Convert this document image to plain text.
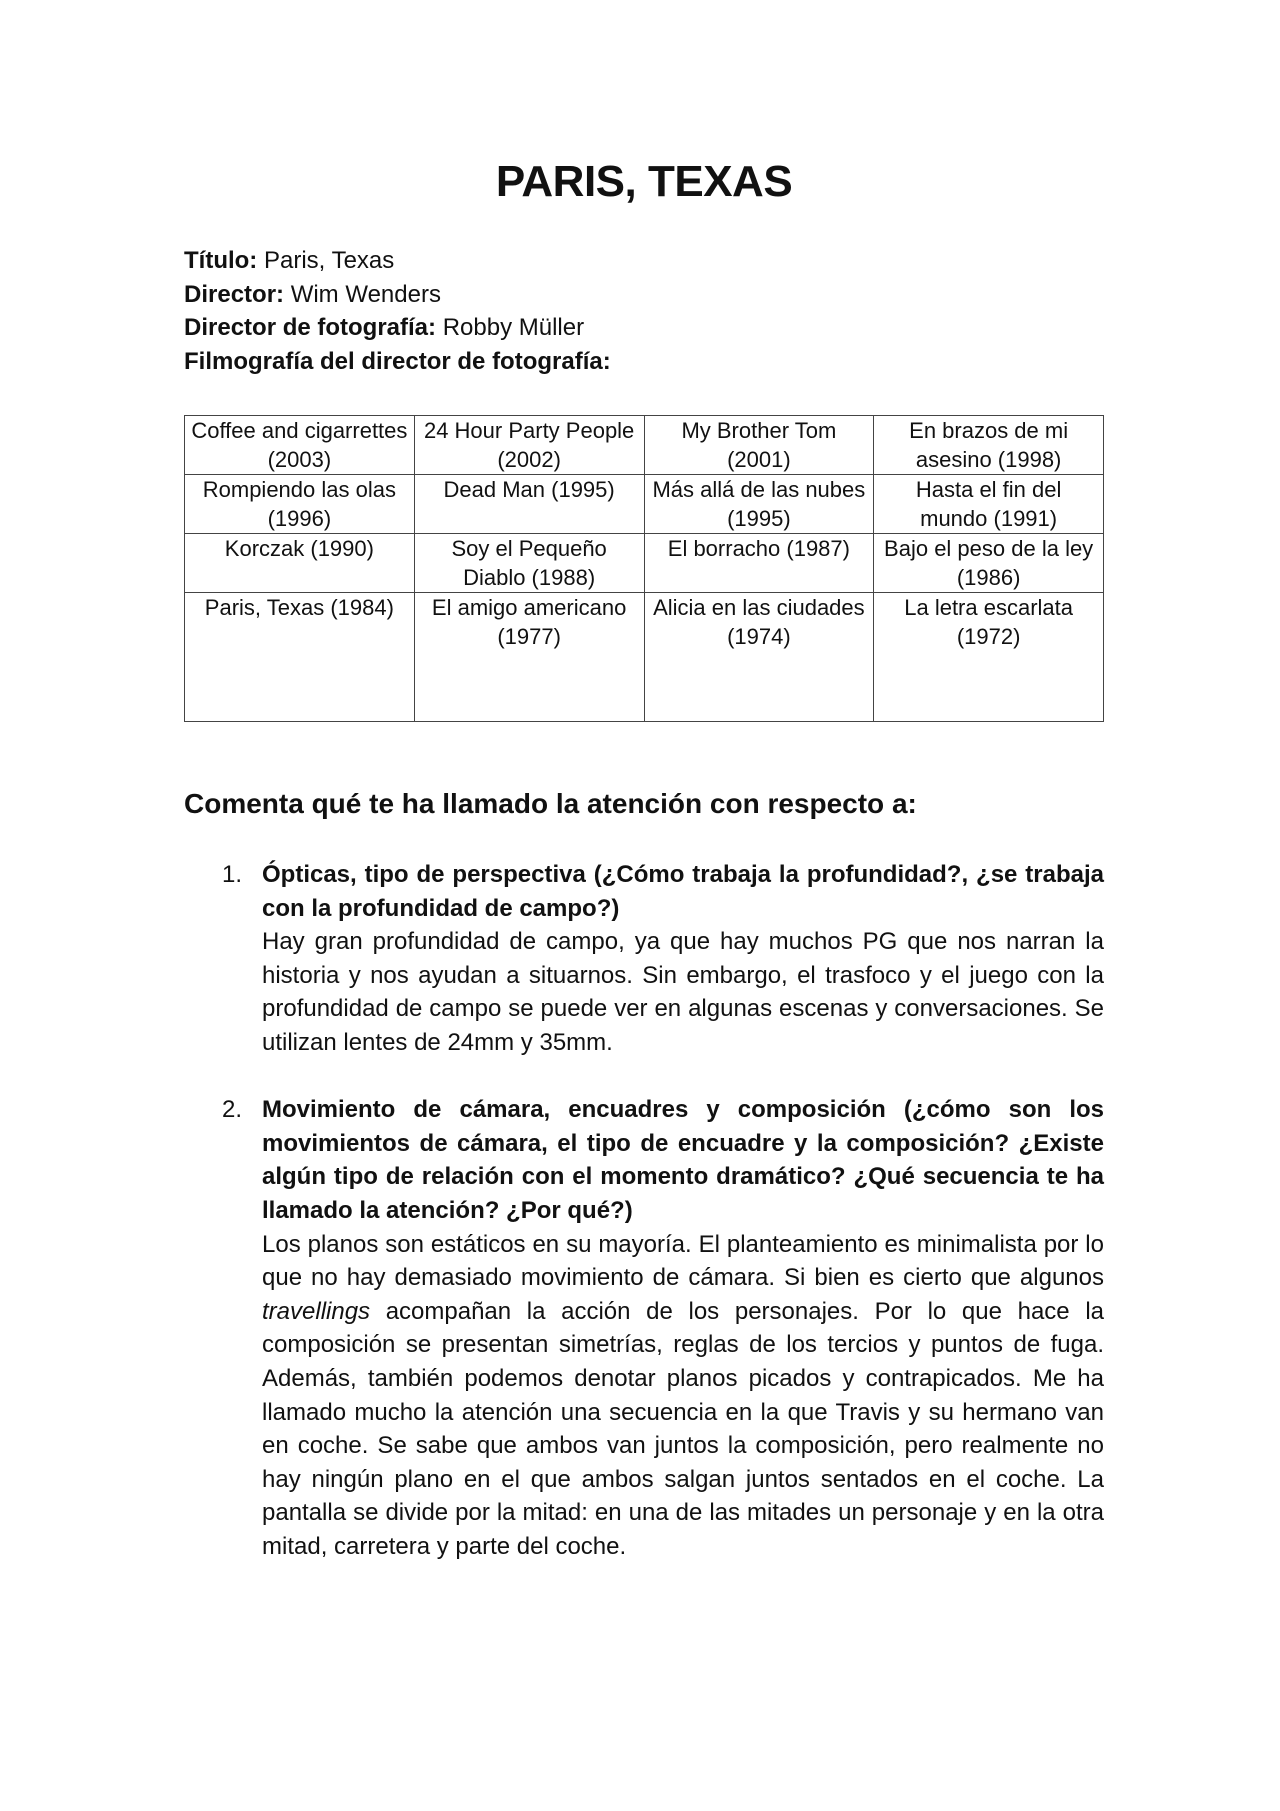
PARIS, TEXAS
Título: Paris, Texas
Director: Wim Wenders
Director de fotografía: Robby Müller
Filmografía del director de fotografía:
Coffee and cigarrettes (2003)	24 Hour Party People (2002)	My Brother Tom (2001)	En brazos de mi asesino (1998)
Rompiendo las olas (1996)	Dead Man (1995)	Más allá de las nubes (1995)	Hasta el fin del mundo (1991)
Korczak (1990)	Soy el Pequeño Diablo (1988)	El borracho (1987)	Bajo el peso de la ley (1986)
Paris, Texas (1984)	El amigo americano (1977)	Alicia en las ciudades (1974)	La letra escarlata (1972)
Comenta qué te ha llamado la atención con respecto a:
1. Ópticas, tipo de perspectiva (¿Cómo trabaja la profundidad?, ¿se trabaja con la profundidad de campo?)
Hay gran profundidad de campo, ya que hay muchos PG que nos narran la historia y nos ayudan a situarnos. Sin embargo, el trasfoco y el juego con la profundidad de campo se puede ver en algunas escenas y conversaciones. Se utilizan lentes de 24mm y 35mm.
2. Movimiento de cámara, encuadres y composición (¿cómo son los movimientos de cámara, el tipo de encuadre y la composición? ¿Existe algún tipo de relación con el momento dramático? ¿Qué secuencia te ha llamado la atención? ¿Por qué?)
Los planos son estáticos en su mayoría. El planteamiento es minimalista por lo que no hay demasiado movimiento de cámara. Si bien es cierto que algunos travellings acompañan la acción de los personajes. Por lo que hace la composición se presentan simetrías, reglas de los tercios y puntos de fuga. Además, también podemos denotar planos picados y contrapicados. Me ha llamado mucho la atención una secuencia en la que Travis y su hermano van en coche. Se sabe que ambos van juntos la composición, pero realmente no hay ningún plano en el que ambos salgan juntos sentados en el coche. La pantalla se divide por la mitad: en una de las mitades un personaje y en la otra mitad, carretera y parte del coche.
